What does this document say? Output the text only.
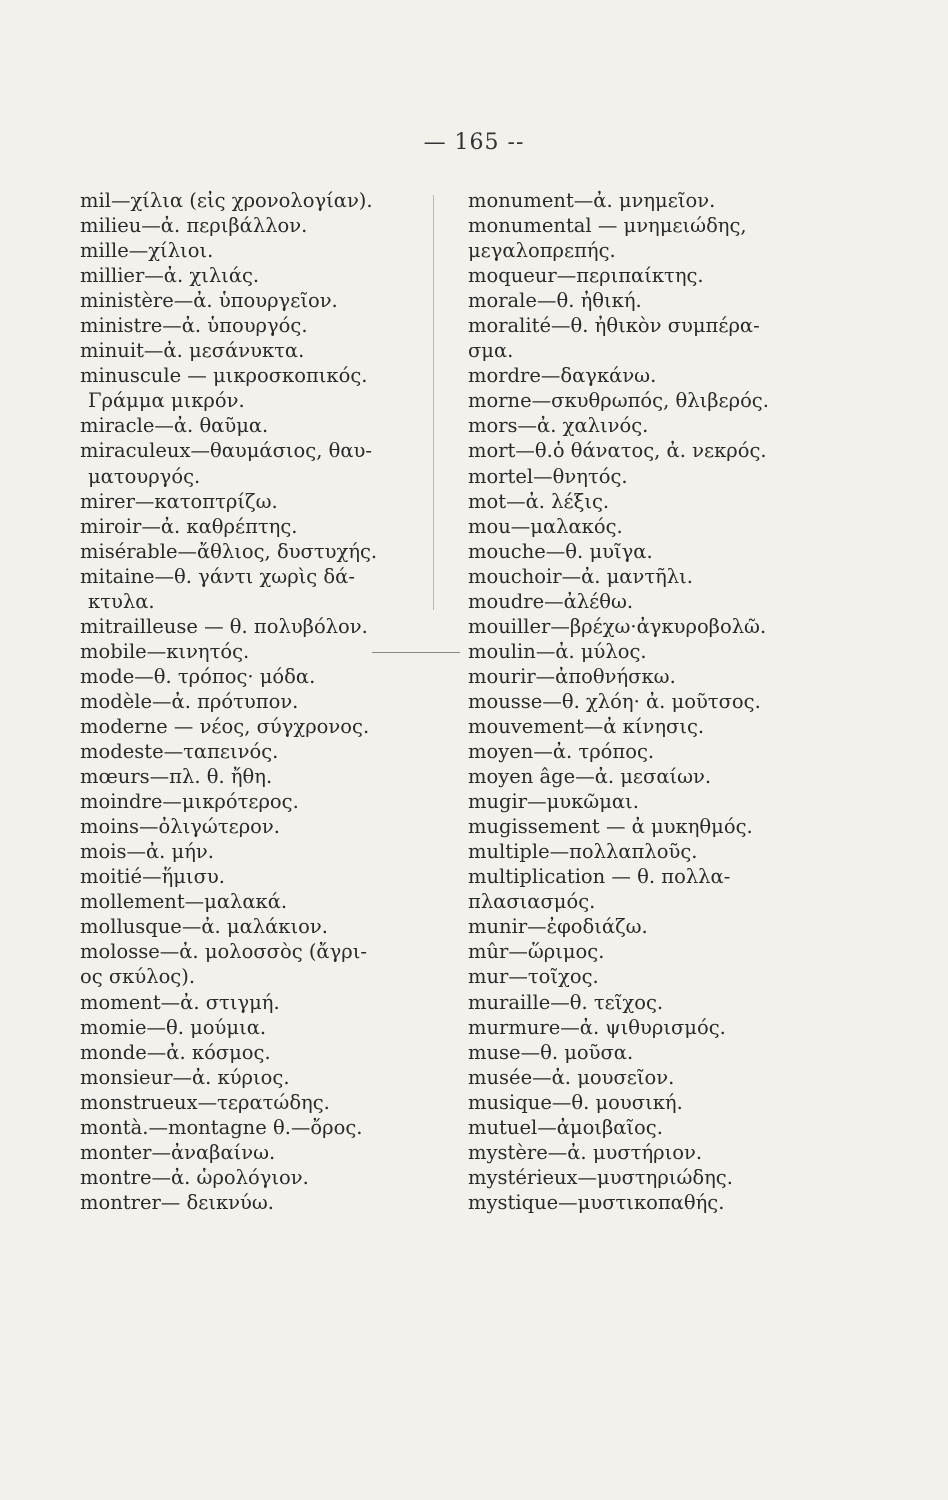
— 165 --
mil—χίλια (εἰς χρονολογίαν).
milieu—ἀ. περιβάλλον.
mille—χίλιοι.
millier—ἀ. χιλιάς.
ministère—ἀ. ὑπουργεῖον.
ministre—ἀ. ὑπουργός.
minuit—ἀ. μεσάνυκτα.
minuscule — μικροσκοπικός.
Γράμμα μικρόν.
miracle—ἀ. θαῦμα.
miraculeux—θαυμάσιος, θαυ-
ματουργός.
mirer—κατοπτρίζω.
miroir—ἀ. καθρέπτης.
misérable—ἄθλιος, δυστυχής.
mitaine—θ. γάντι χωρὶς δά-
κτυλα.
mitrailleuse — θ. πολυβόλον.
mobile—κινητός.
mode—θ. τρόπος· μόδα.
modèle—ἀ. πρότυπον.
moderne — νέος, σύγχρονος.
modeste—ταπεινός.
mœurs—πλ. θ. ἤθη.
moindre—μικρότερος.
moins—ὀλιγώτερον.
mois—ἀ. μήν.
moitié—ἥμισυ.
mollement—μαλακά.
mollusque—ἀ. μαλάκιον.
molosse—ἀ. μολοσσὸς (ἄγρι-
ος σκύλος).
moment—ἀ. στιγμή.
momie—θ. μούμια.
monde—ἀ. κόσμος.
monsieur—ἀ. κύριος.
monstrueux—τερατώδης.
montà.—montagne θ.—ὄρος.
monter—ἀναβαίνω.
montre—ἀ. ὡρολόγιον.
montrer— δεικνύω.
monument—ἀ. μνημεῖον.
monumental — μνημειώδης,
μεγαλοπρεπής.
moqueur—περιπαίκτης.
morale—θ. ἠθική.
moralité—θ. ἠθικὸν συμπέρα-
σμα.
mordre—δαγκάνω.
morne—σκυθρωπός, θλιβερός.
mors—ἀ. χαλινός.
mort—θ.ὁ θάνατος, ἀ. νεκρός.
mortel—θνητός.
mot—ἀ. λέξις.
mou—μαλακός.
mouche—θ. μυῖγα.
mouchoir—ἀ. μαντῆλι.
moudre—ἀλέθω.
mouiller—βρέχω·ἀγκυροβολῶ.
moulin—ἀ. μύλος.
mourir—ἀποθνήσκω.
mousse—θ. χλόη· ἀ. μοῦτσος.
mouvement—ἀ κίνησις.
moyen—ἀ. τρόπος.
moyen âge—ἀ. μεσαίων.
mugir—μυκῶμαι.
mugissement — ἀ μυκηθμός.
multiple—πολλαπλοῦς.
multiplication — θ. πολλα-
πλασιασμός.
munir—ἐφοδιάζω.
mûr—ὥριμος.
mur—τοῖχος.
muraille—θ. τεῖχος.
murmure—ἀ. ψιθυρισμός.
muse—θ. μοῦσα.
musée—ἀ. μουσεῖον.
musique—θ. μουσική.
mutuel—ἀμοιβαῖος.
mystère—ἀ. μυστήριον.
mystérieux—μυστηριώδης.
mystique—μυστικοπαθής.
